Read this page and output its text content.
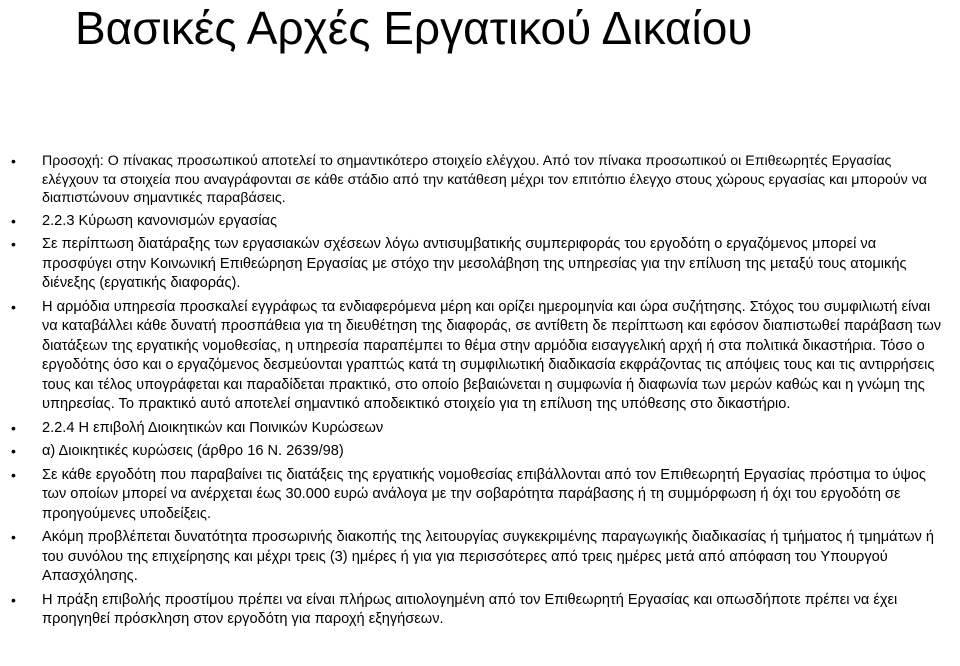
Βασικές Αρχές Εργατικού Δικαίου
• Προσοχή: Ο πίνακας προσωπικού αποτελεί το σημαντικότερο στοιχείο ελέγχου. Από τον πίνακα προσωπικού οι Επιθεωρητές Εργασίας ελέγχουν τα στοιχεία που αναγράφονται σε κάθε στάδιο από την κατάθεση μέχρι τον επιτόπιο έλεγχο στους χώρους εργασίας και μπορούν να διαπιστώνουν σημαντικές παραβάσεις.
• 2.2.3 Κύρωση κανονισμών εργασίας
• Σε περίπτωση διατάραξης των εργασιακών σχέσεων λόγω αντισυμβατικής συμπεριφοράς του εργοδότη ο εργαζόμενος μπορεί να προσφύγει στην Κοινωνική Επιθεώρηση Εργασίας με στόχο την μεσολάβηση της υπηρεσίας για την επίλυση της μεταξύ τους ατομικής διένεξης (εργατικής διαφοράς).
• Η αρμόδια υπηρεσία προσκαλεί εγγράφως τα ενδιαφερόμενα μέρη και ορίζει ημερομηνία και ώρα συζήτησης. Στόχος του συμφιλιωτή είναι να καταβάλλει κάθε δυνατή προσπάθεια για τη διευθέτηση της διαφοράς, σε αντίθετη δε περίπτωση και εφόσον διαπιστωθεί παράβαση των διατάξεων της εργατικής νομοθεσίας, η υπηρεσία παραπέμπει το θέμα στην αρμόδια εισαγγελική αρχή ή στα πολιτικά δικαστήρια. Τόσο ο εργοδότης όσο και ο εργαζόμενος δεσμεύονται γραπτώς κατά τη συμφιλιωτική διαδικασία εκφράζοντας τις απόψεις τους και τις αντιρρήσεις τους και τέλος υπογράφεται και παραδίδεται πρακτικό, στο οποίο βεβαιώνεται η συμφωνία ή διαφωνία των μερών καθώς και η γνώμη της υπηρεσίας. Το πρακτικό αυτό αποτελεί σημαντικό αποδεικτικό στοιχείο για τη επίλυση της υπόθεσης στο δικαστήριο.
• 2.2.4 Η επιβολή Διοικητικών και Ποινικών Κυρώσεων
• α) Διοικητικές κυρώσεις (άρθρο 16 Ν. 2639/98)
• Σε κάθε εργοδότη που παραβαίνει τις διατάξεις της εργατικής νομοθεσίας επιβάλλονται από τον Επιθεωρητή Εργασίας πρόστιμα το ύψος των οποίων μπορεί να ανέρχεται έως 30.000 ευρώ ανάλογα με την σοβαρότητα παράβασης ή τη συμμόρφωση ή όχι του εργοδότη σε προηγούμενες υποδείξεις.
• Ακόμη προβλέπεται δυνατότητα προσωρινής διακοπής της λειτουργίας συγκεκριμένης παραγωγικής διαδικασίας ή τμήματος ή τμημάτων ή του συνόλου της επιχείρησης και μέχρι τρεις (3) ημέρες ή για για περισσότερες από τρεις ημέρες μετά από απόφαση του Υπουργού Απασχόλησης.
• Η πράξη επιβολής προστίμου πρέπει να είναι πλήρως αιτιολογημένη από τον Επιθεωρητή Εργασίας και οπωσδήποτε πρέπει να έχει προηγηθεί πρόσκληση στον εργοδότη για παροχή εξηγήσεων.
